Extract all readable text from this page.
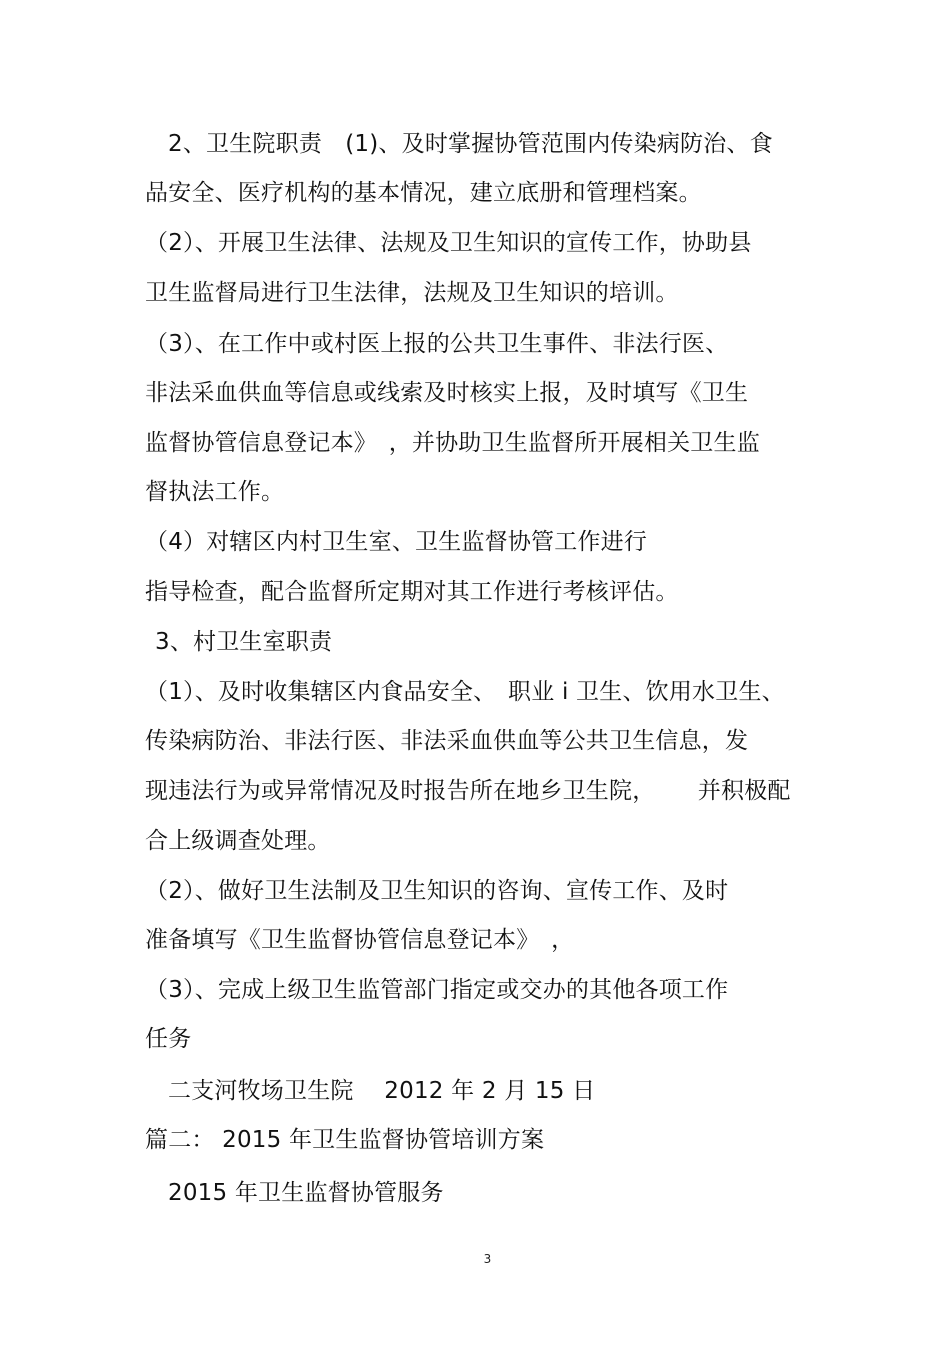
2、卫生院职责　(1)、及时掌握协管范围内传染病防治、食
品安全、医疗机构的基本情况，建立底册和管理档案。
（2）、开展卫生法律、法规及卫生知识的宣传工作，协助县
卫生监督局进行卫生法律，法规及卫生知识的培训。
（3）、在工作中或村医上报的公共卫生事件、非法行医、
非法采血供血等信息或线索及时核实上报，及时填写《卫生
监督协管信息登记本》　，并协助卫生监督所开展相关卫生监
督执法工作。
（4）对辖区内村卫生室、卫生监督协管工作进行
指导检查，配合监督所定期对其工作进行考核评估。
3、村卫生室职责
（1）、及时收集辖区内食品安全、　职业 i 卫生、饮用水卫生、
传染病防治、非法行医、非法采血供血等公共卫生信息，发
现违法行为或异常情况及时报告所在地乡卫生院，　　 并积极配
合上级调查处理。
（2）、做好卫生法制及卫生知识的咨询、宣传工作、及时
准备填写《卫生监督协管信息登记本》　，
（3）、完成上级卫生监管部门指定或交办的其他各项工作
任务
二支河牧场卫生院　 2012 年 2 月 15 日
篇二： 2015 年卫生监督协管培训方案
2015 年卫生监督协管服务
3
